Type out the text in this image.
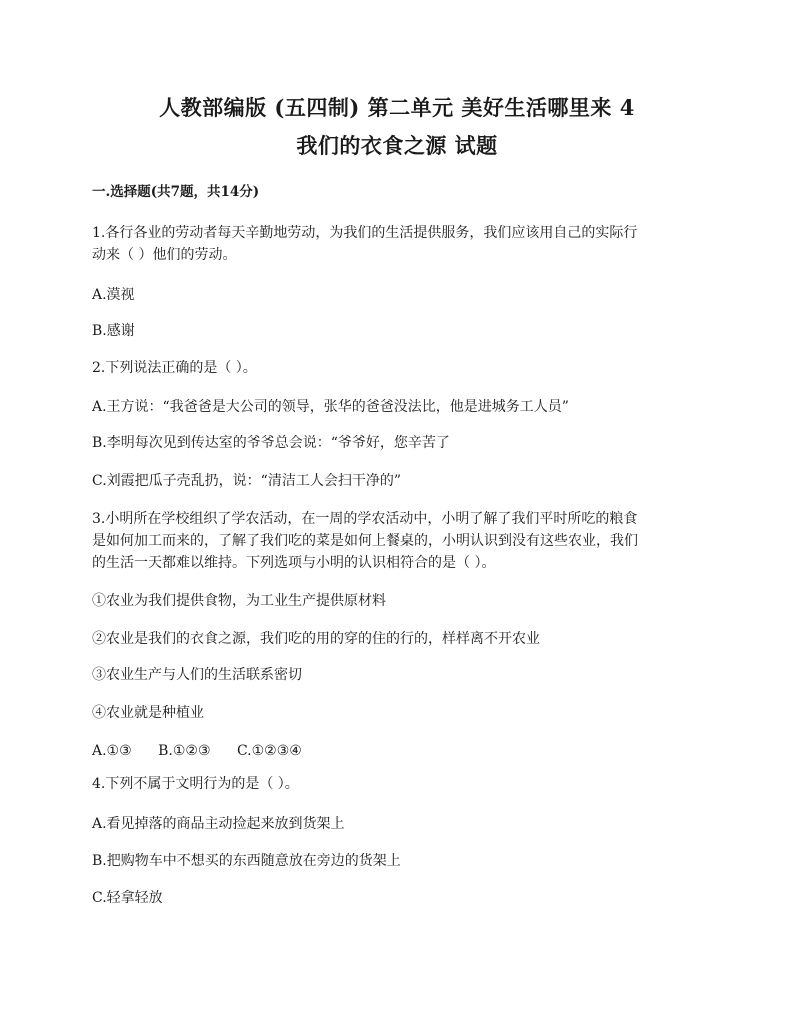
人教部编版 (五四制) 第二单元 美好生活哪里来 4
我们的衣食之源 试题

一.选择题(共7题，共14分)

1.各行各业的劳动者每天辛勤地劳动，为我们的生活提供服务，我们应该用自己的实际行

动来（ ）他们的劳动。

A.漠视

B.感谢

2.下列说法正确的是（ ）。

A.王方说：“我爸爸是大公司的领导，张华的爸爸没法比，他是进城务工人员”

B.李明每次见到传达室的爷爷总会说：“爷爷好，您辛苦了

C.刘霞把瓜子壳乱扔，说：“清洁工人会扫干净的”

3.小明所在学校组织了学农活动，在一周的学农活动中，小明了解了我们平时所吃的粮食

是如何加工而来的，了解了我们吃的菜是如何上餐桌的，小明认识到没有这些农业，我们

的生活一天都难以维持。下列选项与小明的认识相符合的是（ ）。

①农业为我们提供食物，为工业生产提供原材料

②农业是我们的衣食之源，我们吃的用的穿的住的行的，样样离不开农业

③农业生产与人们的生活联系密切

④农业就是种植业

A.①③ B.①②③ C.①②③④

4.下列不属于文明行为的是（ ）。

A.看见掉落的商品主动捡起来放到货架上

B.把购物车中不想买的东西随意放在旁边的货架上

C.轻拿轻放
